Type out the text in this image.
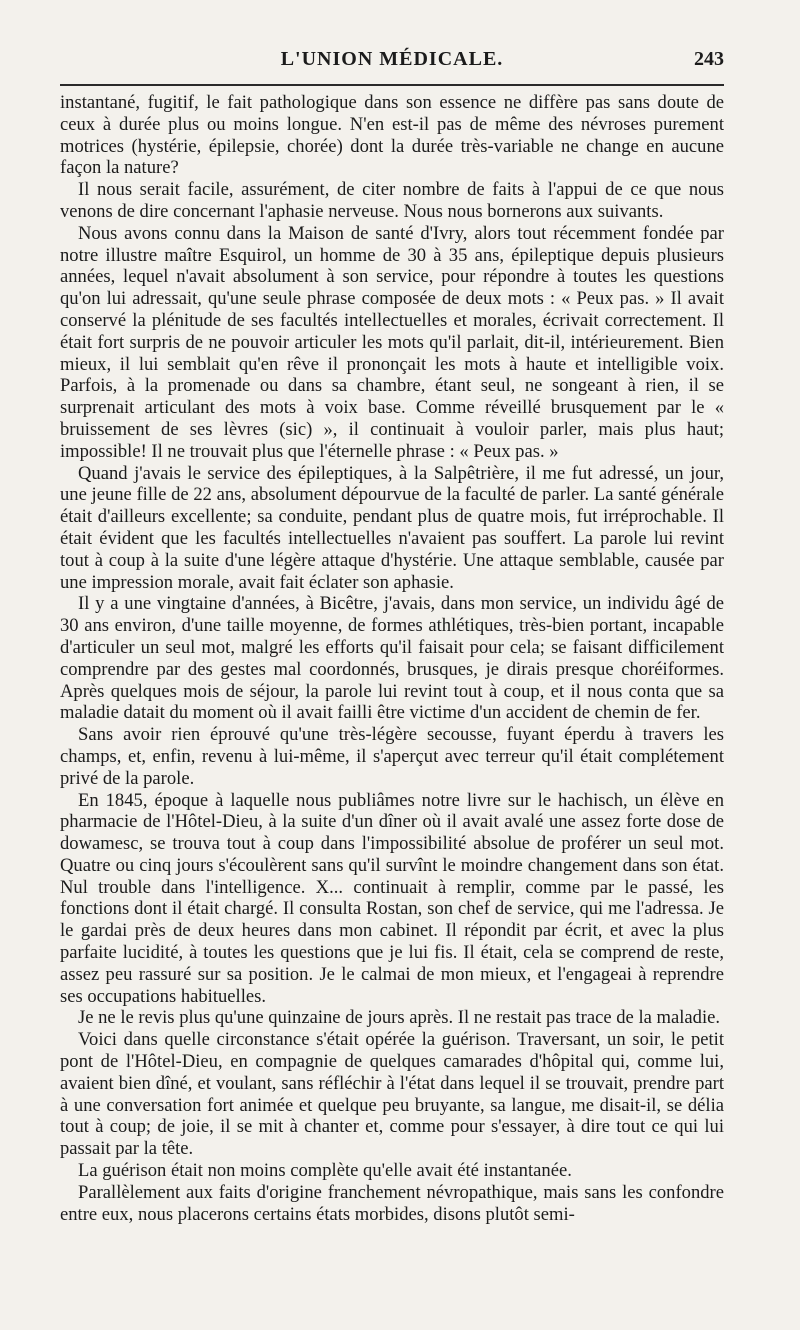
L'UNION MÉDICALE.	243

instantané, fugitif, le fait pathologique dans son essence ne diffère pas sans doute de ceux à durée plus ou moins longue. N'en est-il pas de même des névroses purement motrices (hystérie, épilepsie, chorée) dont la durée très-variable ne change en aucune façon la nature?

Il nous serait facile, assurément, de citer nombre de faits à l'appui de ce que nous venons de dire concernant l'aphasie nerveuse. Nous nous bornerons aux suivants.

Nous avons connu dans la Maison de santé d'Ivry, alors tout récemment fondée par notre illustre maître Esquirol, un homme de 30 à 35 ans, épileptique depuis plusieurs années, lequel n'avait absolument à son service, pour répondre à toutes les questions qu'on lui adressait, qu'une seule phrase composée de deux mots : « Peux pas. » Il avait conservé la plénitude de ses facultés intellectuelles et morales, écrivait correctement. Il était fort surpris de ne pouvoir articuler les mots qu'il parlait, dit-il, intérieurement. Bien mieux, il lui semblait qu'en rêve il prononçait les mots à haute et intelligible voix. Parfois, à la promenade ou dans sa chambre, étant seul, ne songeant à rien, il se surprenait articulant des mots à voix base. Comme réveillé brusquement par le « bruissement de ses lèvres (sic) », il continuait à vouloir parler, mais plus haut; impossible! Il ne trouvait plus que l'éternelle phrase : « Peux pas. »

Quand j'avais le service des épileptiques, à la Salpêtrière, il me fut adressé, un jour, une jeune fille de 22 ans, absolument dépourvue de la faculté de parler. La santé générale était d'ailleurs excellente; sa conduite, pendant plus de quatre mois, fut irréprochable. Il était évident que les facultés intellectuelles n'avaient pas souffert. La parole lui revint tout à coup à la suite d'une légère attaque d'hystérie. Une attaque semblable, causée par une impression morale, avait fait éclater son aphasie.

Il y a une vingtaine d'années, à Bicêtre, j'avais, dans mon service, un individu âgé de 30 ans environ, d'une taille moyenne, de formes athlétiques, très-bien portant, incapable d'articuler un seul mot, malgré les efforts qu'il faisait pour cela; se faisant difficilement comprendre par des gestes mal coordonnés, brusques, je dirais presque choréiformes. Après quelques mois de séjour, la parole lui revint tout à coup, et il nous conta que sa maladie datait du moment où il avait failli être victime d'un accident de chemin de fer.

Sans avoir rien éprouvé qu'une très-légère secousse, fuyant éperdu à travers les champs, et, enfin, revenu à lui-même, il s'aperçut avec terreur qu'il était complétement privé de la parole.

En 1845, époque à laquelle nous publiâmes notre livre sur le hachisch, un élève en pharmacie de l'Hôtel-Dieu, à la suite d'un dîner où il avait avalé une assez forte dose de dowamesc, se trouva tout à coup dans l'impossibilité absolue de proférer un seul mot. Quatre ou cinq jours s'écoulèrent sans qu'il survînt le moindre changement dans son état. Nul trouble dans l'intelligence. X... continuait à remplir, comme par le passé, les fonctions dont il était chargé. Il consulta Rostan, son chef de service, qui me l'adressa. Je le gardai près de deux heures dans mon cabinet. Il répondit par écrit, et avec la plus parfaite lucidité, à toutes les questions que je lui fis. Il était, cela se comprend de reste, assez peu rassuré sur sa position. Je le calmai de mon mieux, et l'engageai à reprendre ses occupations habituelles.

Je ne le revis plus qu'une quinzaine de jours après. Il ne restait pas trace de la maladie.

Voici dans quelle circonstance s'était opérée la guérison. Traversant, un soir, le petit pont de l'Hôtel-Dieu, en compagnie de quelques camarades d'hôpital qui, comme lui, avaient bien dîné, et voulant, sans réfléchir à l'état dans lequel il se trouvait, prendre part à une conversation fort animée et quelque peu bruyante, sa langue, me disait-il, se délia tout à coup; de joie, il se mit à chanter et, comme pour s'essayer, à dire tout ce qui lui passait par la tête.

La guérison était non moins complète qu'elle avait été instantanée.

Parallèlement aux faits d'origine franchement névropathique, mais sans les confondre entre eux, nous placerons certains états morbides, disons plutôt semi-
